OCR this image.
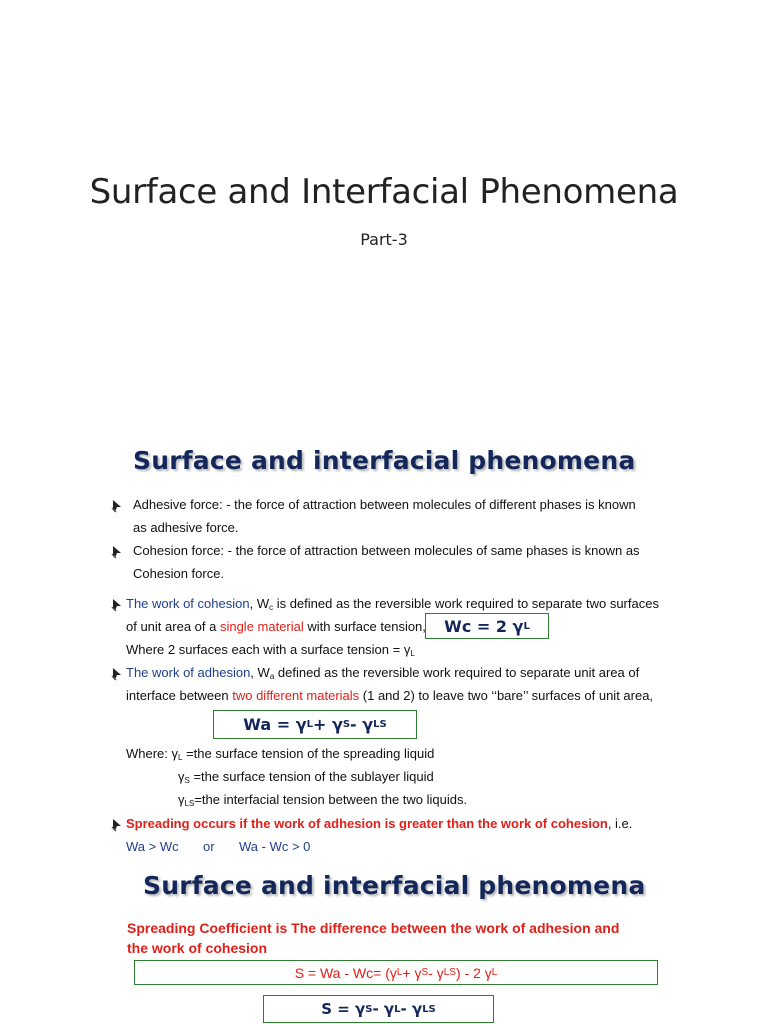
Surface and Interfacial Phenomena
Part-3
Surface and interfacial phenomena
Adhesive force: - the force of attraction between molecules of different phases is known
as adhesive force.
Cohesion force: - the force of attraction between molecules of same phases is known as
Cohesion force.
The work of cohesion, $W_c$ is defined as the reversible work required to separate two surfaces
of unit area of a single material with surface tension, Wc = 2 γ L
Where 2 surfaces each with a surface tension = $\gamma_L$
The work of adhesion, $W_a$ defined as the reversible work required to separate unit area of
interface between two different materials (1 and 2) to leave two ‘‘bare’’ surfaces of unit area,
Wa = γ L + γ S - γ LS
Where: $\gamma_L =the$ surface tension of the spreading liquid
$\gamma_S =the$ surface tension of the sublayer liquid
$\gamma_{LS}=the$ interfacial tension between the two liquids.
Spreading occurs if the work of adhesion is greater than the work of cohesion, i.e.
Wa > Wc or Wa - Wc > 0
Surface and interfacial phenomena
Spreading Coefficient is The difference between the work of adhesion and
the work of cohesion
S = Wa - Wc = (γ L + γ S - γ LS ) - 2 γ L
S = γ S - γ L - γ LS
